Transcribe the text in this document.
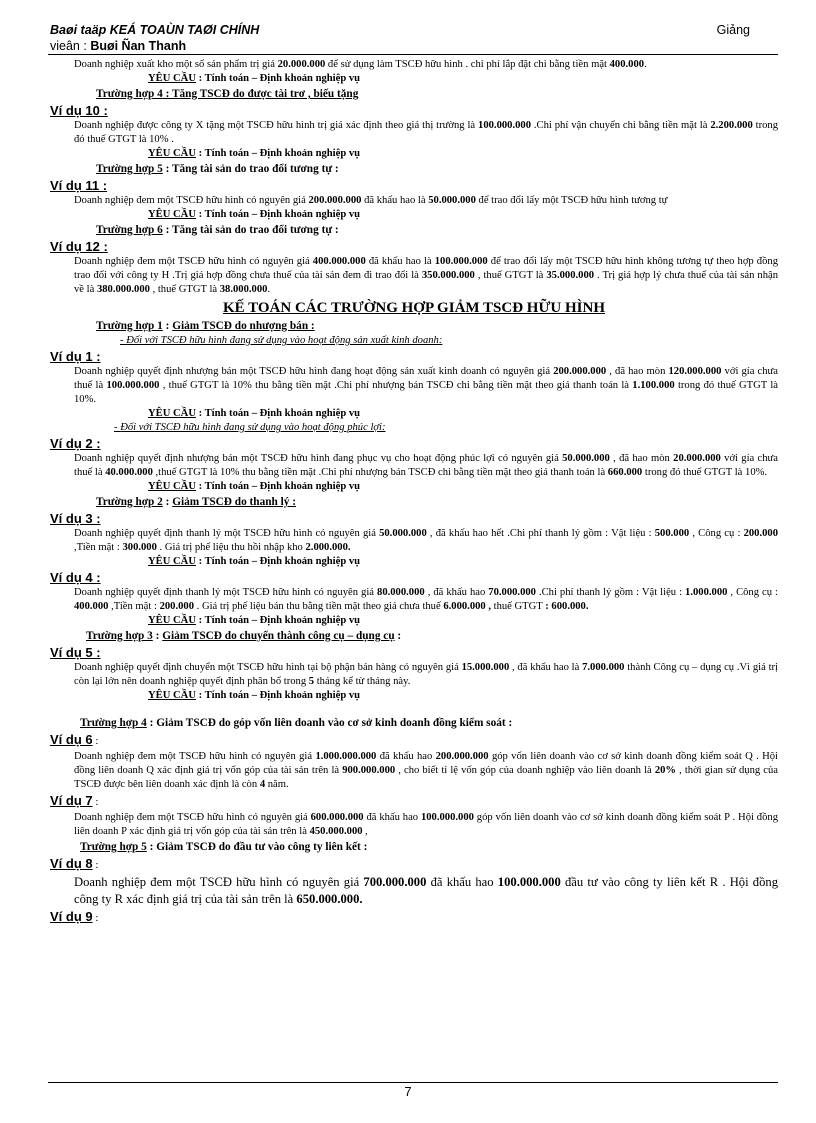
Baøi taäp KEÁ TOAÙN TAØI CHÍNH	Giảng
vieân : Buøi Ñan Thanh

Doanh nghiệp xuất kho một số sản phẩm trị giá 20.000.000 để sử dụng làm TSCĐ hữu hình . chi phí lắp đặt chi bằng tiền mặt 400.000.

YÊU CẦU : Tính toán – Định khoản nghiệp vụ
Trường hợp 4 : Tăng TSCĐ do được tài trơ , biếu tặng
Ví dụ 10 :

Doanh nghiệp được công ty X tặng một TSCĐ hữu hình trị giá xác định theo giá thị trường là 100.000.000 .Chi phí vận chuyển chi bằng tiền mặt là 2.200.000 trong đó thuế GTGT là 10% .

YÊU CẦU : Tính toán – Định khoản nghiệp vụ
Trường hợp 5 : Tăng tài sản do trao đổi tương tự :
Ví dụ 11 :

Doanh nghiệp đem một TSCĐ hữu hình có nguyên giá 200.000.000 đã khấu hao là 50.000.000 để trao đổi lấy một TSCĐ hữu hình tương tự

YÊU CẦU : Tính toán – Định khoản nghiệp vụ
Trường hợp 6 : Tăng tài sản do trao đổi tương tự :
Ví dụ 12 :

Doanh nghiệp đem một TSCĐ hữu hình có nguyên giá 400.000.000 đã khấu hao là 100.000.000 để trao đổi lấy một TSCĐ hữu hình không tương tự theo hợp đồng trao đổi với công ty H .Trị giá hợp đồng chưa thuế của tài sản đem đi trao đổi là 350.000.000 , thuế GTGT là 35.000.000 . Trị giá hợp lý chưa thuế của tài sản nhận về là 380.000.000 , thuế GTGT là 38.000.000.

KẾ TOÁN CÁC TRƯỜNG HỢP GIẢM TSCĐ HỮU HÌNH
Trường hợp 1 : Giảm TSCĐ do nhượng bán :
- Đối với TSCĐ hữu hình đang sử dụng vào hoạt động sản xuất kinh doanh:
Ví dụ 1 :

Doanh nghiệp quyết định nhượng bán một TSCĐ hữu hình đang hoạt động sản xuất kinh doanh có nguyên giá 200.000.000 , đã hao mòn 120.000.000 với gía chưa thuế là 100.000.000 , thuế GTGT là 10% thu bằng tiền mặt .Chi phí nhượng bán TSCĐ chi bằng tiền mặt theo giá thanh toán là 1.100.000 trong đó thuế GTGT là 10%.

YÊU CẦU : Tính toán – Định khoản nghiệp vụ
- Đối với TSCĐ hữu hình đang sử dụng vào hoạt động phúc lợi:
Ví dụ 2 :

Doanh nghiệp quyết định nhượng bán một TSCĐ hữu hình đang phục vụ cho hoạt động phúc lợi có nguyên giá 50.000.000 , đã hao mòn 20.000.000 với gía chưa thuế là 40.000.000 ,thuế GTGT là 10% thu bằng tiền mặt .Chi phí nhượng bán TSCĐ chi bằng tiền mặt theo giá thanh toán là 660.000 trong đó thuế GTGT là 10%.

YÊU CẦU : Tính toán – Định khoản nghiệp vụ
Trường hợp 2 : Giảm TSCĐ do thanh lý :
Ví dụ 3 :

Doanh nghiệp quyết định thanh lý một TSCĐ hữu hình có nguyên giá 50.000.000 , đã khấu hao hết .Chi phí thanh lý gồm : Vật liệu : 500.000 , Công cụ : 200.000 ,Tiền mặt : 300.000 . Giá trị phế liệu thu hồi nhập kho 2.000.000.

YÊU CẦU : Tính toán – Định khoản nghiệp vụ
Ví dụ 4 :

Doanh nghiệp quyết định thanh lý một TSCĐ hữu hình có nguyên giá 80.000.000 , đã khấu hao 70.000.000 .Chi phí thanh lý gồm : Vật liệu : 1.000.000 , Công cụ : 400.000 ,Tiền mặt : 200.000 . Giá trị phế liệu bán thu bằng tiền mặt theo giá chưa thuế 6.000.000 , thuế GTGT : 600.000.

YÊU CẦU : Tính toán – Định khoản nghiệp vụ
Trường hợp 3 : Giảm TSCĐ do chuyển thành công cụ – dụng cụ :
Ví dụ 5 :

Doanh nghiệp quyết định chuyển một TSCĐ hữu hình tại bộ phận bán hàng có nguyên giá 15.000.000 , đã khấu hao là 7.000.000 thành Công cụ – dụng cụ .Vì giá trị còn lại lớn nên doanh nghiệp quyết định phân bổ trong 5 tháng kể từ tháng này.

YÊU CẦU : Tính toán – Định khoản nghiệp vụ
Trường hợp 4 : Giảm TSCĐ do góp vốn liên doanh vào cơ sở kinh doanh đồng kiểm soát :
Ví dụ 6 :

Doanh nghiệp đem một TSCĐ hữu hình có nguyên giá 1.000.000.000 đã khấu hao 200.000.000 góp vốn liên doanh vào cơ sở kinh doanh đồng kiểm soát Q . Hội đồng liên doanh Q xác định giá trị vốn góp của tài sản trên là 900.000.000 , cho biết tỉ lệ vốn góp của doanh nghiệp vào liên doanh là 20% , thời gian sử dụng của TSCĐ được bên liên doanh xác định là còn 4 năm.

Ví dụ 7 :

Doanh nghiệp đem một TSCĐ hữu hình có nguyên giá 600.000.000 đã khấu hao 100.000.000 góp vốn liên doanh vào cơ sở kinh doanh đồng kiểm soát P . Hội đồng liên doanh P xác định giá trị vốn góp của tài sản trên là 450.000.000 ,

Trường hợp 5 : Giảm TSCĐ do đầu tư vào công ty liên kết :
Ví dụ 8 :

Doanh nghiệp đem một TSCĐ hữu hình có nguyên giá 700.000.000 đã khấu hao 100.000.000 đầu tư vào công ty liên kết R . Hội đồng công ty R xác định giá trị của tài sản trên là 650.000.000.

Ví dụ 9 :
7
